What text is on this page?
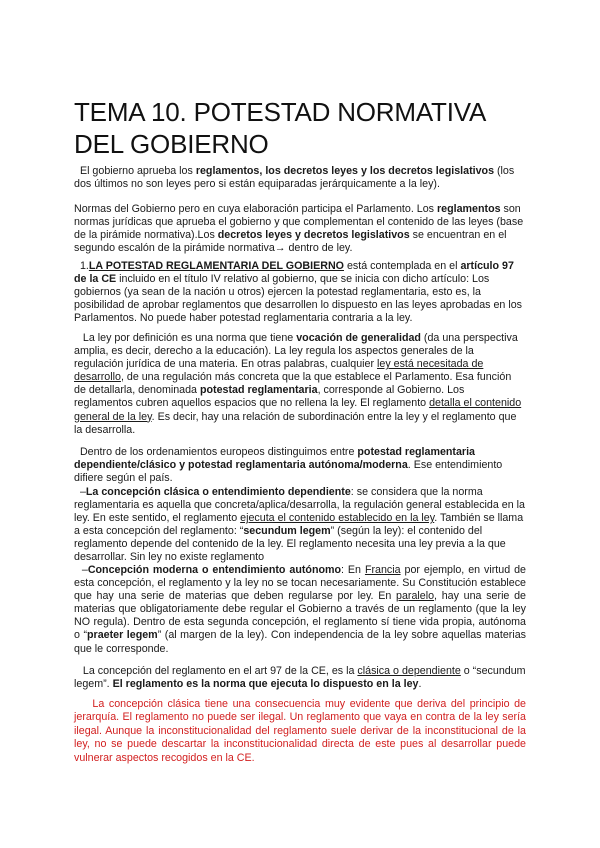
TEMA 10. POTESTAD NORMATIVA DEL GOBIERNO

El gobierno aprueba los reglamentos, los decretos leyes y los decretos legislativos (los dos últimos no son leyes pero si están equiparadas jerárquicamente a la ley).

Normas del Gobierno pero en cuya elaboración participa el Parlamento. Los reglamentos son normas jurídicas que aprueba el gobierno y que complementan el contenido de las leyes (base de la pirámide normativa).Los decretos leyes y decretos legislativos se encuentran en el segundo escalón de la pirámide normativa→ dentro de ley.

1.LA POTESTAD REGLAMENTARIA DEL GOBIERNO está contemplada en el artículo 97 de la CE incluido en el título IV relativo al gobierno, que se inicia con dicho artículo: Los gobiernos (ya sean de la nación u otros) ejercen la potestad reglamentaria, esto es, la posibilidad de aprobar reglamentos que desarrollen lo dispuesto en las leyes aprobadas en los Parlamentos. No puede haber potestad reglamentaria contraria a la ley.

La ley por definición es una norma que tiene vocación de generalidad (da una perspectiva amplia, es decir, derecho a la educación). La ley regula los aspectos generales de la regulación jurídica de una materia. En otras palabras, cualquier ley está necesitada de desarrollo, de una regulación más concreta que la que establece el Parlamento. Esa función de detallarla, denominada potestad reglamentaria, corresponde al Gobierno. Los reglamentos cubren aquellos espacios que no rellena la ley. El reglamento detalla el contenido general de la ley. Es decir, hay una relación de subordinación entre la ley y el reglamento que la desarrolla.

Dentro de los ordenamientos europeos distinguimos entre potestad reglamentaria dependiente/clásico y potestad reglamentaria autónoma/moderna. Ese entendimiento difiere según el país.

–La concepción clásica o entendimiento dependiente: se considera que la norma reglamentaria es aquella que concreta/aplica/desarrolla, la regulación general establecida en la ley. En este sentido, el reglamento ejecuta el contenido establecido en la ley. También se llama a esta concepción del reglamento: “secundum legem” (según la ley): el contenido del reglamento depende del contenido de la ley. El reglamento necesita una ley previa a la que desarrollar. Sin ley no existe reglamento

–Concepción moderna o entendimiento autónomo: En Francia por ejemplo, en virtud de esta concepción, el reglamento y la ley no se tocan necesariamente. Su Constitución establece que hay una serie de materias que deben regularse por ley. En paralelo, hay una serie de materias que obligatoriamente debe regular el Gobierno a través de un reglamento (que la ley NO regula). Dentro de esta segunda concepción, el reglamento sí tiene vida propia, autónoma o “praeter legem” (al margen de la ley). Con independencia de la ley sobre aquellas materias que le corresponde.

La concepción del reglamento en el art 97 de la CE, es la clásica o dependiente o “secundum legem”. El reglamento es la norma que ejecuta lo dispuesto en la ley.

La concepción clásica tiene una consecuencia muy evidente que deriva del principio de jerarquía. El reglamento no puede ser ilegal. Un reglamento que vaya en contra de la ley sería ilegal. Aunque la inconstitucionalidad del reglamento suele derivar de la inconstitucional de la ley, no se puede descartar la inconstitucionalidad directa de este pues al desarrollar puede vulnerar aspectos recogidos en la CE.
